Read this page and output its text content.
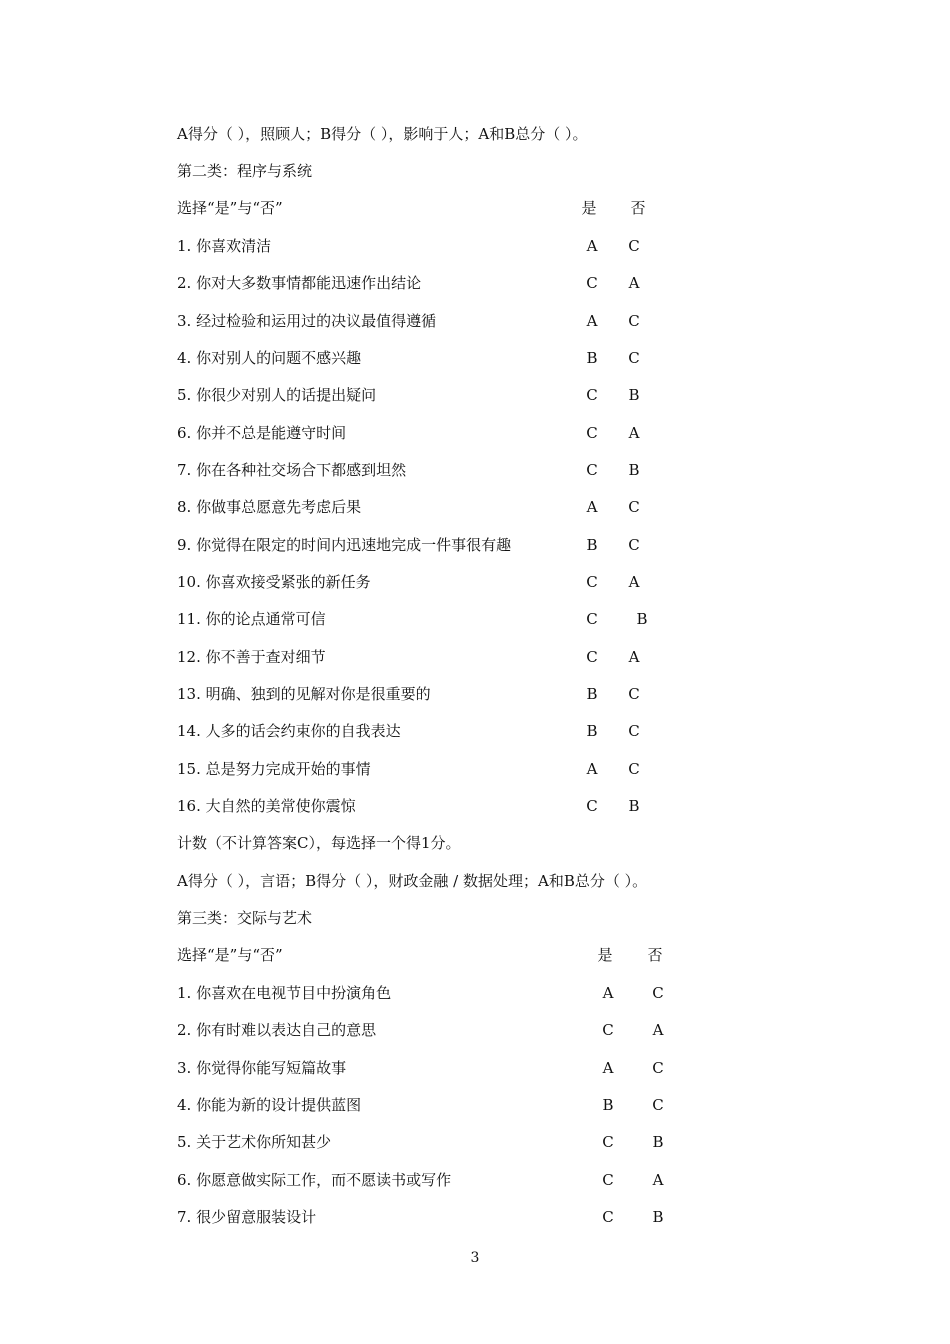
A得分（ ），照顾人；B得分（ ），影响于人；A和B总分（ ）。
第二类：程序与系统
选择“是”与“否”	是 否
1. 你喜欢清洁	A C
2. 你对大多数事情都能迅速作出结论	C A
3. 经过检验和运用过的决议最值得遵循	A C
4. 你对别人的问题不感兴趣	B C
5. 你很少对别人的话提出疑问	C B
6. 你并不总是能遵守时间	C A
7. 你在各种社交场合下都感到坦然	C B
8. 你做事总愿意先考虑后果	A C
9. 你觉得在限定的时间内迅速地完成一件事很有趣	B C
10. 你喜欢接受紧张的新任务	C A
11. 你的论点通常可信	C	B
12. 你不善于查对细节	C A
13. 明确、独到的见解对你是很重要的	B C
14. 人多的话会约束你的自我表达	B C
15. 总是努力完成开始的事情	A C
16. 大自然的美常使你震惊	C B
计数（不计算答案C），每选择一个得1分。
A得分（ ），言语；B得分（ ），财政金融 / 数据处理；A和B总分（ ）。
第三类：交际与艺术
选择“是”与“否”	是 否
1. 你喜欢在电视节目中扮演角色	A	C
2. 你有时难以表达自己的意思	C	A
3. 你觉得你能写短篇故事	A	C
4. 你能为新的设计提供蓝图	B	C
5. 关于艺术你所知甚少	C	B
6. 你愿意做实际工作，而不愿读书或写作	C	A
7. 很少留意服装设计	C	B
3
